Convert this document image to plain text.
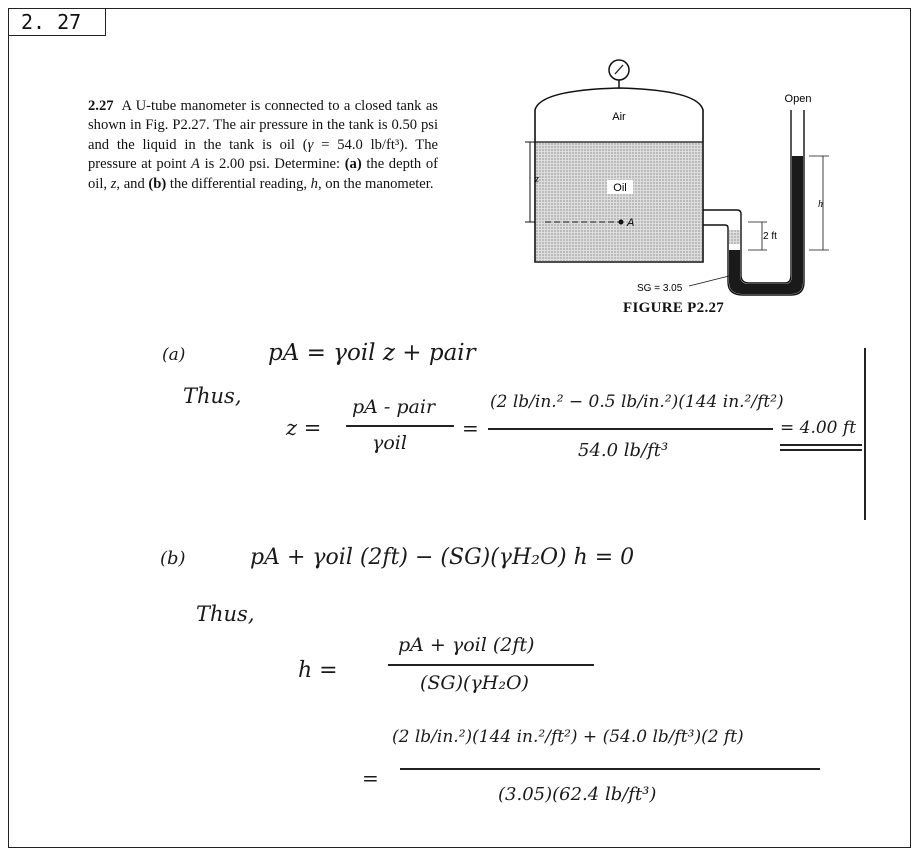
2. 27
2.27 A U-tube manometer is connected to a closed tank as shown in Fig. P2.27. The air pressure in the tank is 0.50 psi and the liquid in the tank is oil (γ = 54.0 lb/ft³). The pressure at point A is 2.00 psi. Determine: (a) the depth of oil, z, and (b) the differential reading, h, on the manometer.
Air
Oil
A
z
Open
2 ft
h
SG = 3.05
FIGURE P2.27
(a)	pA = γoil z + pair
Thus,
z =
pA - pair
γoil
=
(2 lb/in.² − 0.5 lb/in.²)(144 in.²/ft²)
54.0 lb/ft³
= 4.00 ft
(b)	pA + γoil (2ft) − (SG)(γH₂O) h = 0
Thus,
h =
pA + γoil (2ft)
(SG)(γH₂O)
=
(2 lb/in.²)(144 in.²/ft²) + (54.0 lb/ft³)(2 ft)
(3.05)(62.4 lb/ft³)
